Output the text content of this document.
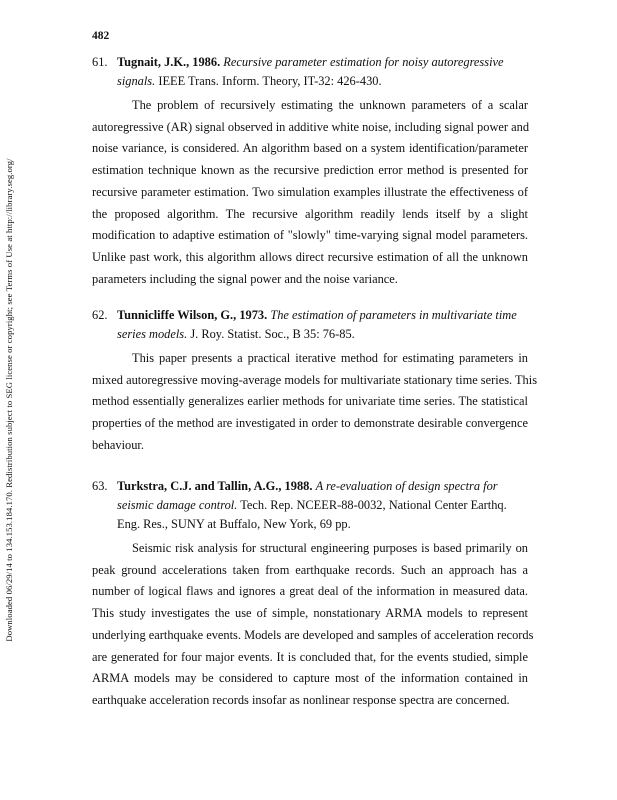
Downloaded 06/29/14 to 134.153.184.170. Redistribution subject to SEG license or copyright; see Terms of Use at http://library.seg.org/
482

61. Tugnait, J.K., 1986. Recursive parameter estimation for noisy autoregressive
signals. IEEE Trans. Inform. Theory, IT-32: 426-430.

The problem of recursively estimating the unknown parameters of a scalar
autoregressive (AR) signal observed in additive white noise, including signal power and
noise variance, is considered. An algorithm based on a system identification/parameter
estimation technique known as the recursive prediction error method is presented for
recursive parameter estimation. Two simulation examples illustrate the effectiveness of
the proposed algorithm. The recursive algorithm readily lends itself by a slight
modification to adaptive estimation of "slowly" time-varying signal model parameters.
Unlike past work, this algorithm allows direct recursive estimation of all the unknown
parameters including the signal power and the noise variance.

62. Tunnicliffe Wilson, G., 1973. The estimation of parameters in multivariate time
series models. J. Roy. Statist. Soc., B 35: 76-85.

This paper presents a practical iterative method for estimating parameters in
mixed autoregressive moving-average models for multivariate stationary time series. This
method essentially generalizes earlier methods for univariate time series. The statistical
properties of the method are investigated in order to demonstrate desirable convergence
behaviour.

63. Turkstra, C.J. and Tallin, A.G., 1988. A re-evaluation of design spectra for
seismic damage control. Tech. Rep. NCEER-88-0032, National Center Earthq.
Eng. Res., SUNY at Buffalo, New York, 69 pp.

Seismic risk analysis for structural engineering purposes is based primarily on
peak ground accelerations taken from earthquake records. Such an approach has a
number of logical flaws and ignores a great deal of the information in measured data.
This study investigates the use of simple, nonstationary ARMA models to represent
underlying earthquake events. Models are developed and samples of acceleration records
are generated for four major events. It is concluded that, for the events studied, simple
ARMA models may be considered to capture most of the information contained in
earthquake acceleration records insofar as nonlinear response spectra are concerned.
